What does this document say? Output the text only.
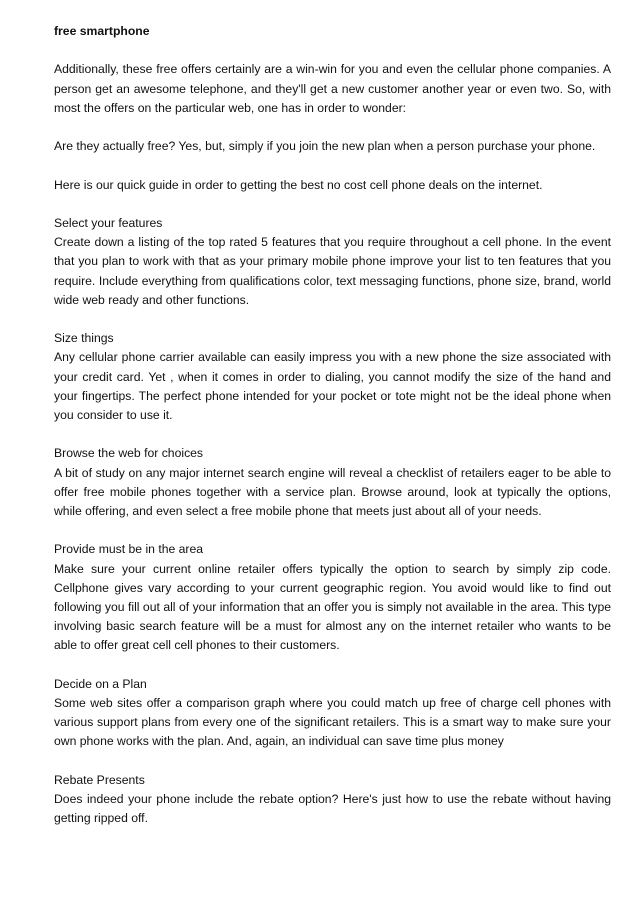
free smartphone

Additionally, these free offers certainly are a win-win for you and even the cellular phone companies. A person get an awesome telephone, and they'll get a new customer another year or even two. So, with most the offers on the particular web, one has in order to wonder:

Are they actually free? Yes, but, simply if you join the new plan when a person purchase your phone.

Here is our quick guide in order to getting the best no cost cell phone deals on the internet.

Select your features
Create down a listing of the top rated 5 features that you require throughout a cell phone. In the event that you plan to work with that as your primary mobile phone improve your list to ten features that you require. Include everything from qualifications color, text messaging functions, phone size, brand, world wide web ready and other functions.
Size things
Any cellular phone carrier available can easily impress you with a new phone the size associated with your credit card. Yet , when it comes in order to dialing, you cannot modify the size of the hand and your fingertips. The perfect phone intended for your pocket or tote might not be the ideal phone when you consider to use it.
Browse the web for choices
A bit of study on any major internet search engine will reveal a checklist of retailers eager to be able to offer free mobile phones together with a service plan. Browse around, look at typically the options, while offering, and even select a free mobile phone that meets just about all of your needs.
Provide must be in the area
Make sure your current online retailer offers typically the option to search by simply zip code. Cellphone gives vary according to your current geographic region. You avoid would like to find out following you fill out all of your information that an offer you is simply not available in the area. This type involving basic search feature will be a must for almost any on the internet retailer who wants to be able to offer great cell cell phones to their customers.
Decide on a Plan
Some web sites offer a comparison graph where you could match up free of charge cell phones with various support plans from every one of the significant retailers. This is a smart way to make sure your own phone works with the plan. And, again, an individual can save time plus money
Rebate Presents
Does indeed your phone include the rebate option? Here's just how to use the rebate without having getting ripped off.
